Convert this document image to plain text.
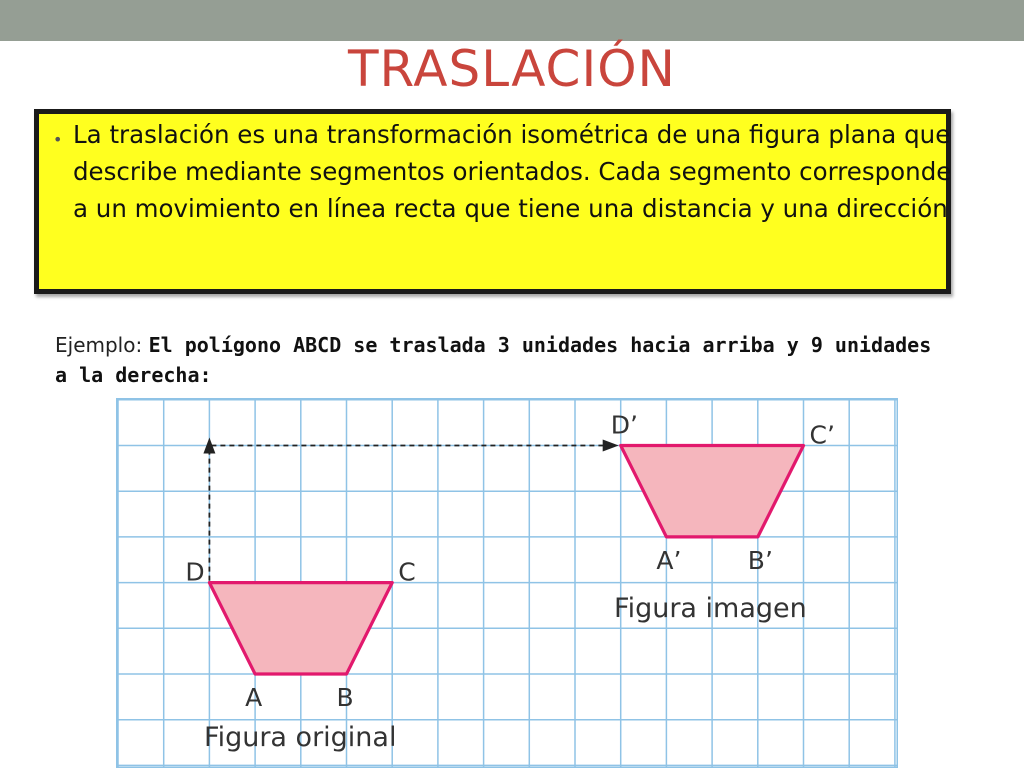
TRASLACIÓN
• La traslación es una transformación isométrica de una figura plana que describe mediante segmentos orientados. Cada segmento corresponde a un movimiento en línea recta que tiene una distancia y una dirección
Ejemplo: El polígono ABCD se traslada 3 unidades hacia arriba y 9 unidades a la derecha:
A	B
C
D	A’	B’
C’
D’
Figura original
Figura imagen
